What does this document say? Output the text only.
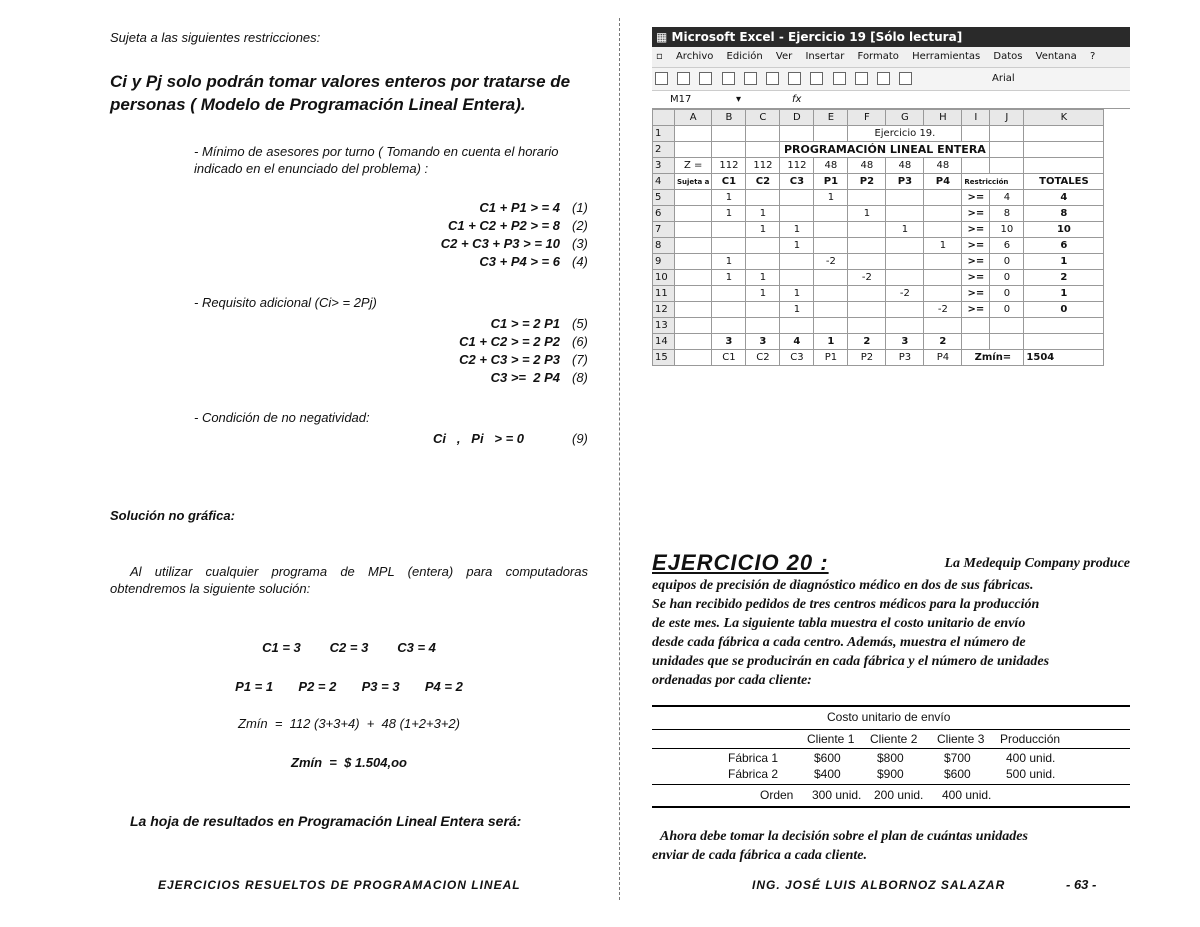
Sujeta a las siguientes restricciones:
Ci y Pj solo podrán tomar valores enteros por tratarse de personas ( Modelo de Programación Lineal Entera).
- Mínimo de asesores por turno ( Tomando en cuenta el horario indicado en el enunciado del problema) :
C1 + P1 > = 4 (1)
C1 + C2 + P2 > = 8 (2)
C2 + C3 + P3 > = 10 (3)
C3 + P4 > = 6 (4)
- Requisito adicional (Ci> = 2Pj)
C1 > = 2 P1 (5)
C1 + C2 > = 2 P2 (6)
C2 + C3 > = 2 P3 (7)
C3 >=  2 P4 (8)
- Condición de no negatividad:
Ci   ,   Pi   > = 0	(9)
Solución no gráfica:
Al utilizar cualquier programa de MPL (entera) para computadoras obtendremos la siguiente solución:
C1 = 3        C2 = 3        C3 = 4
P1 = 1       P2 = 2       P3 = 3       P4 = 2
Zmín  =  112 (3+3+4)  +  48 (1+2+3+2)
Zmín  =  $ 1.504,oo
La hoja de resultados en Programación Lineal Entera será:
EJERCICIOS RESUELTOS DE PROGRAMACION LINEAL
▦ Microsoft Excel - Ejercicio 19 [Sólo lectura]
▫ Archivo Edición Ver Insertar Formato Herramientas Datos Ventana ?

Arial
M17	▾	fx
	A	B	C	D	E	F	G	H	I	J	K
1						Ejercicio 19.					
2				PROGRAMACIÓN LINEAL ENTERA							
3	Z =	112	112	112	48	48	48	48			
4	Sujeta a	C1	C2	C3	P1	P2	P3	P4	Restricción		TOTALES
5		1			1				>=	4	4
6		1	1			1			>=	8	8
7			1	1			1		>=	10	10
8				1				1	>=	6	6
9		1			-2				>=	0	1
10		1	1			-2			>=	0	2
11			1	1			-2		>=	0	1
12				1				-2	>=	0	0
13											
14		3	3	4	1	2	3	2			
15		C1	C2	C3	P1	P2	P3	P4	Zmín=		1504
EJERCICIO 20 :	La Medequip Company produce
equipos de precisión de diagnóstico médico en dos de sus fábricas.
Se han recibido pedidos de tres centros médicos para la producción
de este mes. La siguiente tabla muestra el costo unitario de envío
desde cada fábrica a cada centro. Además, muestra el número de
unidades que se producirán en cada fábrica y el número de unidades
ordenadas por cada cliente:
Costo unitario de envío
Cliente 1 Cliente 2 Cliente 3 Producción
Fábrica 1	$600	$800	$700	400 unid.
Fábrica 2	$400	$900	$600	500 unid.
Orden 300 unid. 200 unid. 400 unid.
Ahora debe tomar la decisión sobre el plan de cuántas unidades
enviar de cada fábrica a cada cliente.
ING. JOSÉ LUIS ALBORNOZ SALAZAR	- 63 -
